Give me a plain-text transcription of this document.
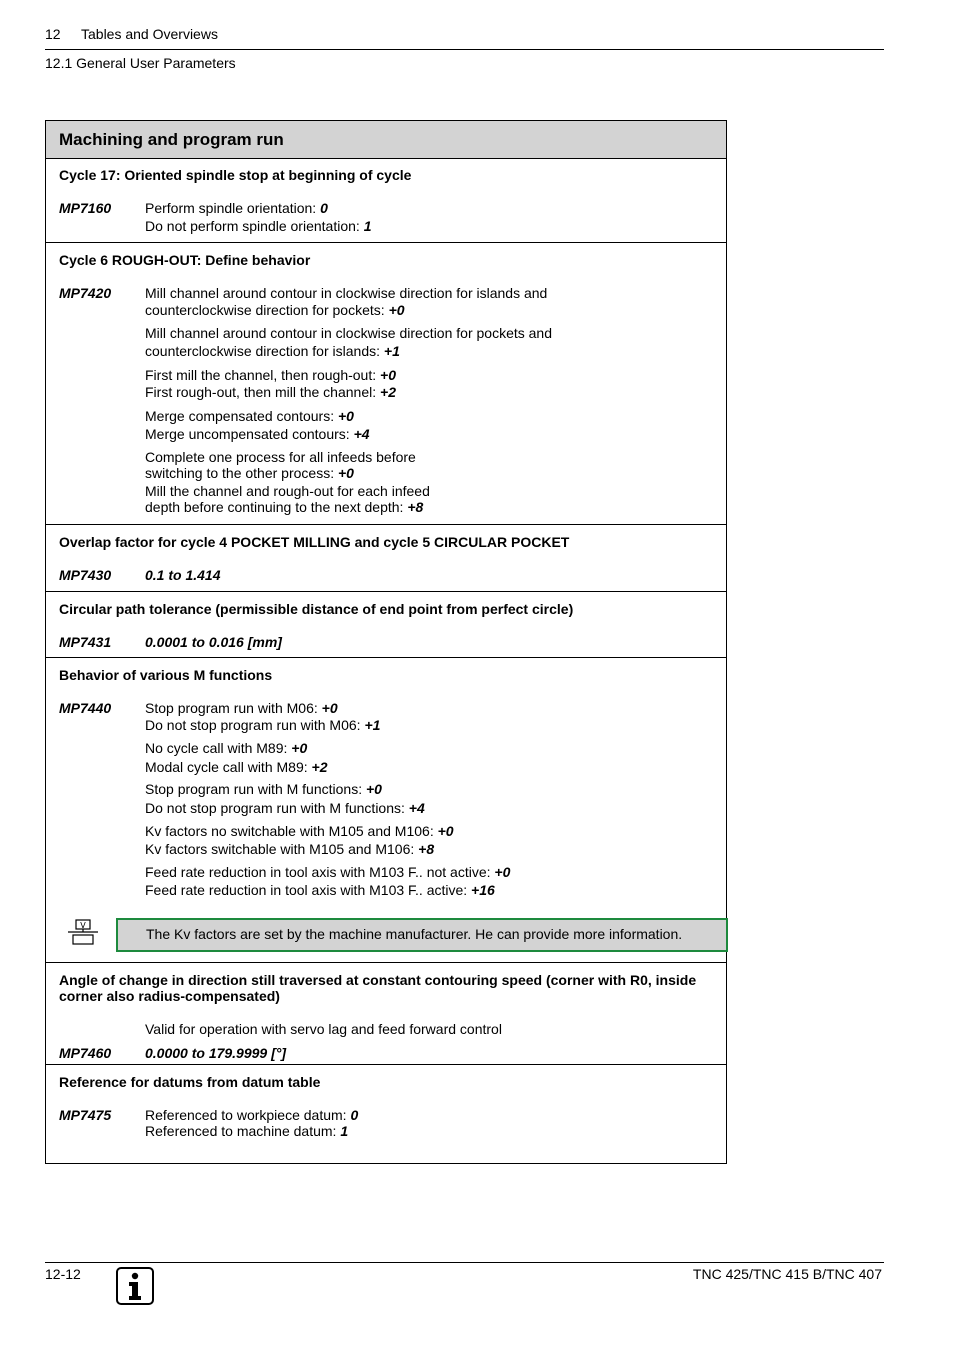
12 Tables and Overviews
12.1 General User Parameters
Machining and program run
Cycle 17: Oriented spindle stop at beginning of cycle
MP7160 Perform spindle orientation: 0
Do not perform spindle orientation: 1
Cycle 6 ROUGH-OUT: Define behavior
MP7420 Mill channel around contour in clockwise direction for islands and
counterclockwise direction for pockets: +0
Mill channel around contour in clockwise direction for pockets and
counterclockwise direction for islands: +1
First mill the channel, then rough-out: +0
First rough-out, then mill the channel: +2
Merge compensated contours: +0
Merge uncompensated contours: +4
Complete one process for all infeeds before
switching to the other process: +0
Mill the channel and rough-out for each infeed
depth before continuing to the next depth: +8
Overlap factor for cycle 4 POCKET MILLING and cycle 5 CIRCULAR POCKET
MP7430 0.1 to 1.414
Circular path tolerance (permissible distance of end point from perfect circle)
MP7431 0.0001 to 0.016 [mm]
Behavior of various M functions
MP7440 Stop program run with M06: +0
Do not stop program run with M06: +1
No cycle call with M89: +0
Modal cycle call with M89: +2
Stop program run with M functions: +0
Do not stop program run with M functions: +4
Kv factors no switchable with M105 and M106: +0
Kv factors switchable with M105 and M106: +8
Feed rate reduction in tool axis with M103 F.. not active: +0
Feed rate reduction in tool axis with M103 F.. active: +16
V
The Kv factors are set by the machine manufacturer. He can provide more information.
Angle of change in direction still traversed at constant contouring speed (corner with R0, inside corner also radius-compensated)
Valid for operation with servo lag and feed forward control
MP7460 0.0000 to 179.9999 [°]
Reference for datums from datum table
MP7475 Referenced to workpiece datum: 0
Referenced to machine datum: 1
12-12	TNC 425/TNC 415 B/TNC 407
